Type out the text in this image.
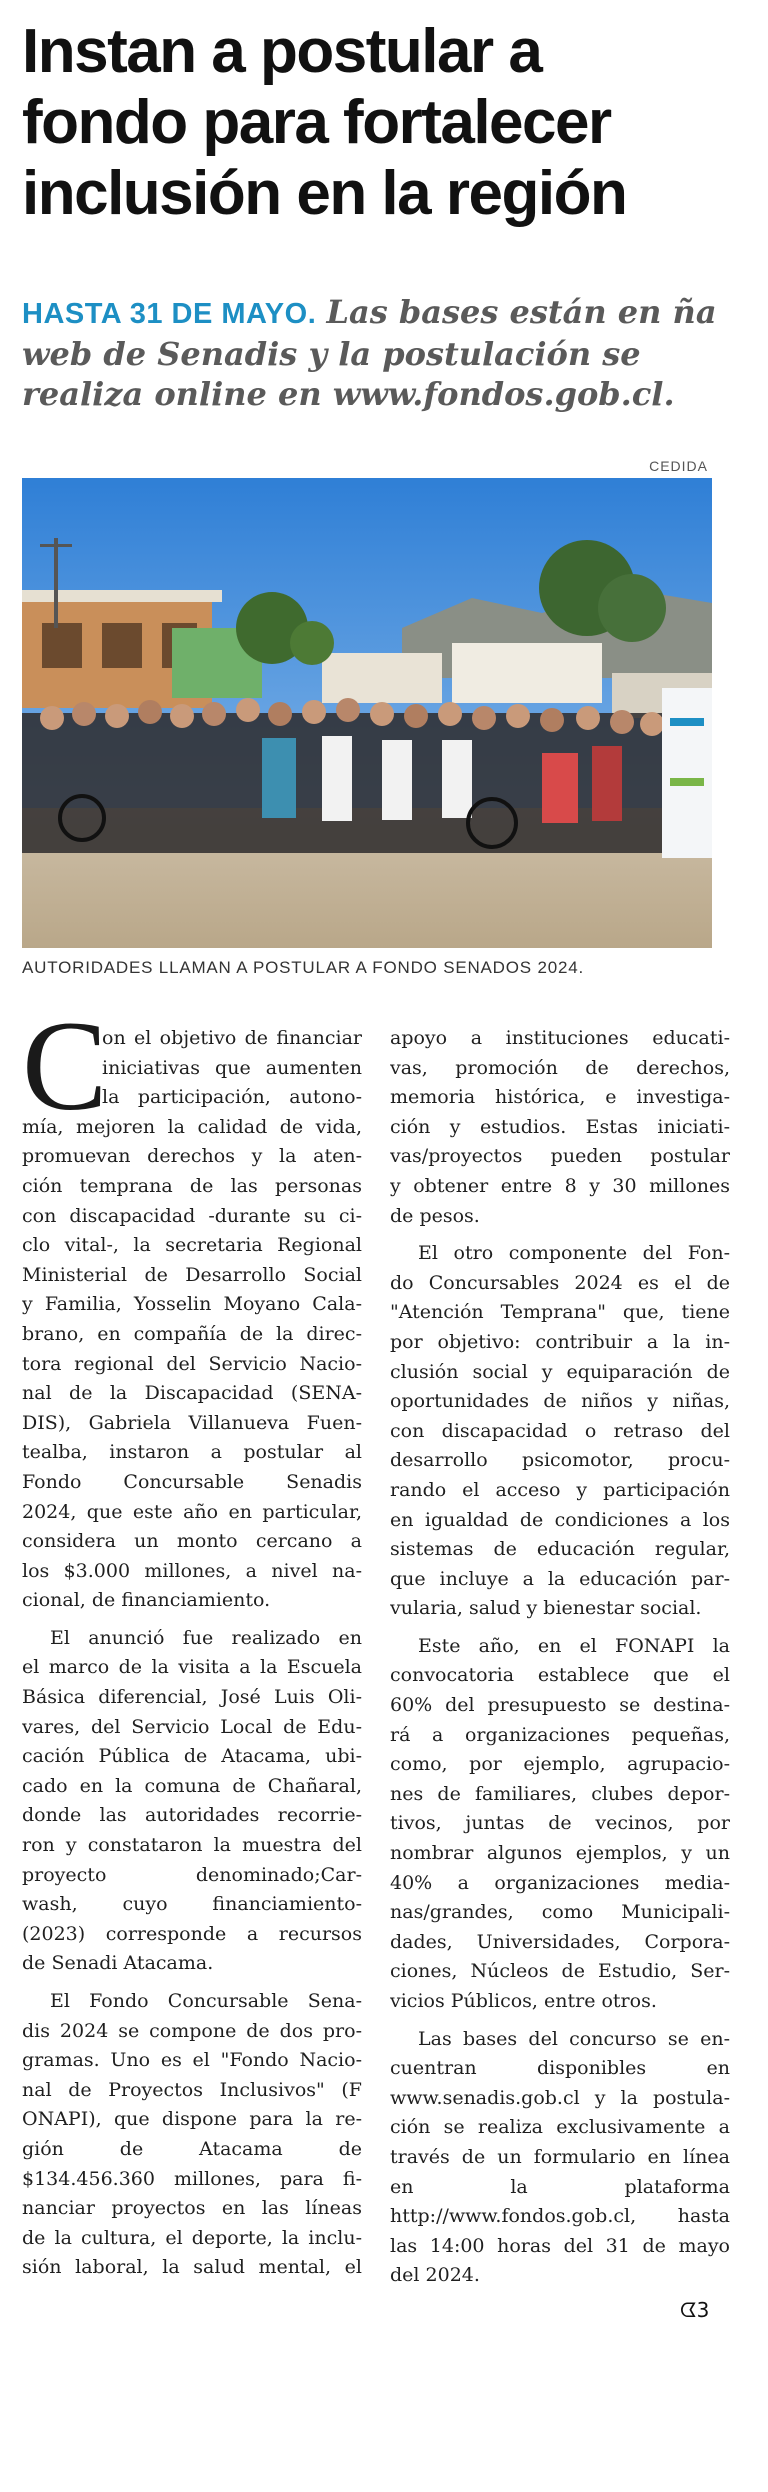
Instan a postular a
fondo para fortalecer
inclusión en la región
HASTA 31 DE MAYO. Las bases están en ña web de Senadis y la postulación se realiza online en www.fondos.gob.cl.
CEDIDA
AUTORIDADES LLAMAN A POSTULAR A FONDO SENADOS 2024.
C
on el objetivo de financiar
iniciativas que aumenten
la participación, autono-
mía, mejoren la calidad de vida,
promuevan derechos y la aten-
ción temprana de las personas
con discapacidad -durante su ci-
clo vital-, la secretaria Regional
Ministerial de Desarrollo Social
y Familia, Yosselin Moyano Cala-
brano, en compañía de la direc-
tora regional del Servicio Nacio-
nal de la Discapacidad (SENA-
DIS), Gabriela Villanueva Fuen-
tealba, instaron a postular al
Fondo Concursable Senadis
2024, que este año en particular,
considera un monto cercano a
los $3.000 millones, a nivel na-
cional, de financiamiento.
El anunció fue realizado en
el marco de la visita a la Escuela
Básica diferencial, José Luis Oli-
vares, del Servicio Local de Edu-
cación Pública de Atacama, ubi-
cado en la comuna de Chañaral,
donde las autoridades recorrie-
ron y constataron la muestra del
proyecto denominado;Car-
wash, cuyo financiamiento-
(2023) corresponde a recursos
de Senadi Atacama.
El Fondo Concursable Sena-
dis 2024 se compone de dos pro-
gramas. Uno es el "Fondo Nacio-
nal de Proyectos Inclusivos" (F
ONAPI), que dispone para la re-
gión de Atacama de
$134.456.360 millones, para fi-
nanciar proyectos en las líneas
de la cultura, el deporte, la inclu-
sión laboral, la salud mental, el
apoyo a instituciones educati-
vas, promoción de derechos,
memoria histórica, e investiga-
ción y estudios. Estas iniciati-
vas/proyectos pueden postular
y obtener entre 8 y 30 millones
de pesos.
El otro componente del Fon-
do Concursables 2024 es el de
"Atención Temprana" que, tiene
por objetivo: contribuir a la in-
clusión social y equiparación de
oportunidades de niños y niñas,
con discapacidad o retraso del
desarrollo psicomotor, procu-
rando el acceso y participación
en igualdad de condiciones a los
sistemas de educación regular,
que incluye a la educación par-
vularia, salud y bienestar social.
Este año, en el FONAPI la
convocatoria establece que el
60% del presupuesto se destina-
rá a organizaciones pequeñas,
como, por ejemplo, agrupacio-
nes de familiares, clubes depor-
tivos, juntas de vecinos, por
nombrar algunos ejemplos, y un
40% a organizaciones media-
nas/grandes, como Municipali-
dades, Universidades, Corpora-
ciones, Núcleos de Estudio, Ser-
vicios Públicos, entre otros.
Las bases del concurso se en-
cuentran disponibles en
www.senadis.gob.cl y la postula-
ción se realiza exclusivamente a
través de un formulario en línea
en la plataforma
http://www.fondos.gob.cl, hasta
las 14:00 horas del 31 de mayo
del 2024.
ᗧ3
